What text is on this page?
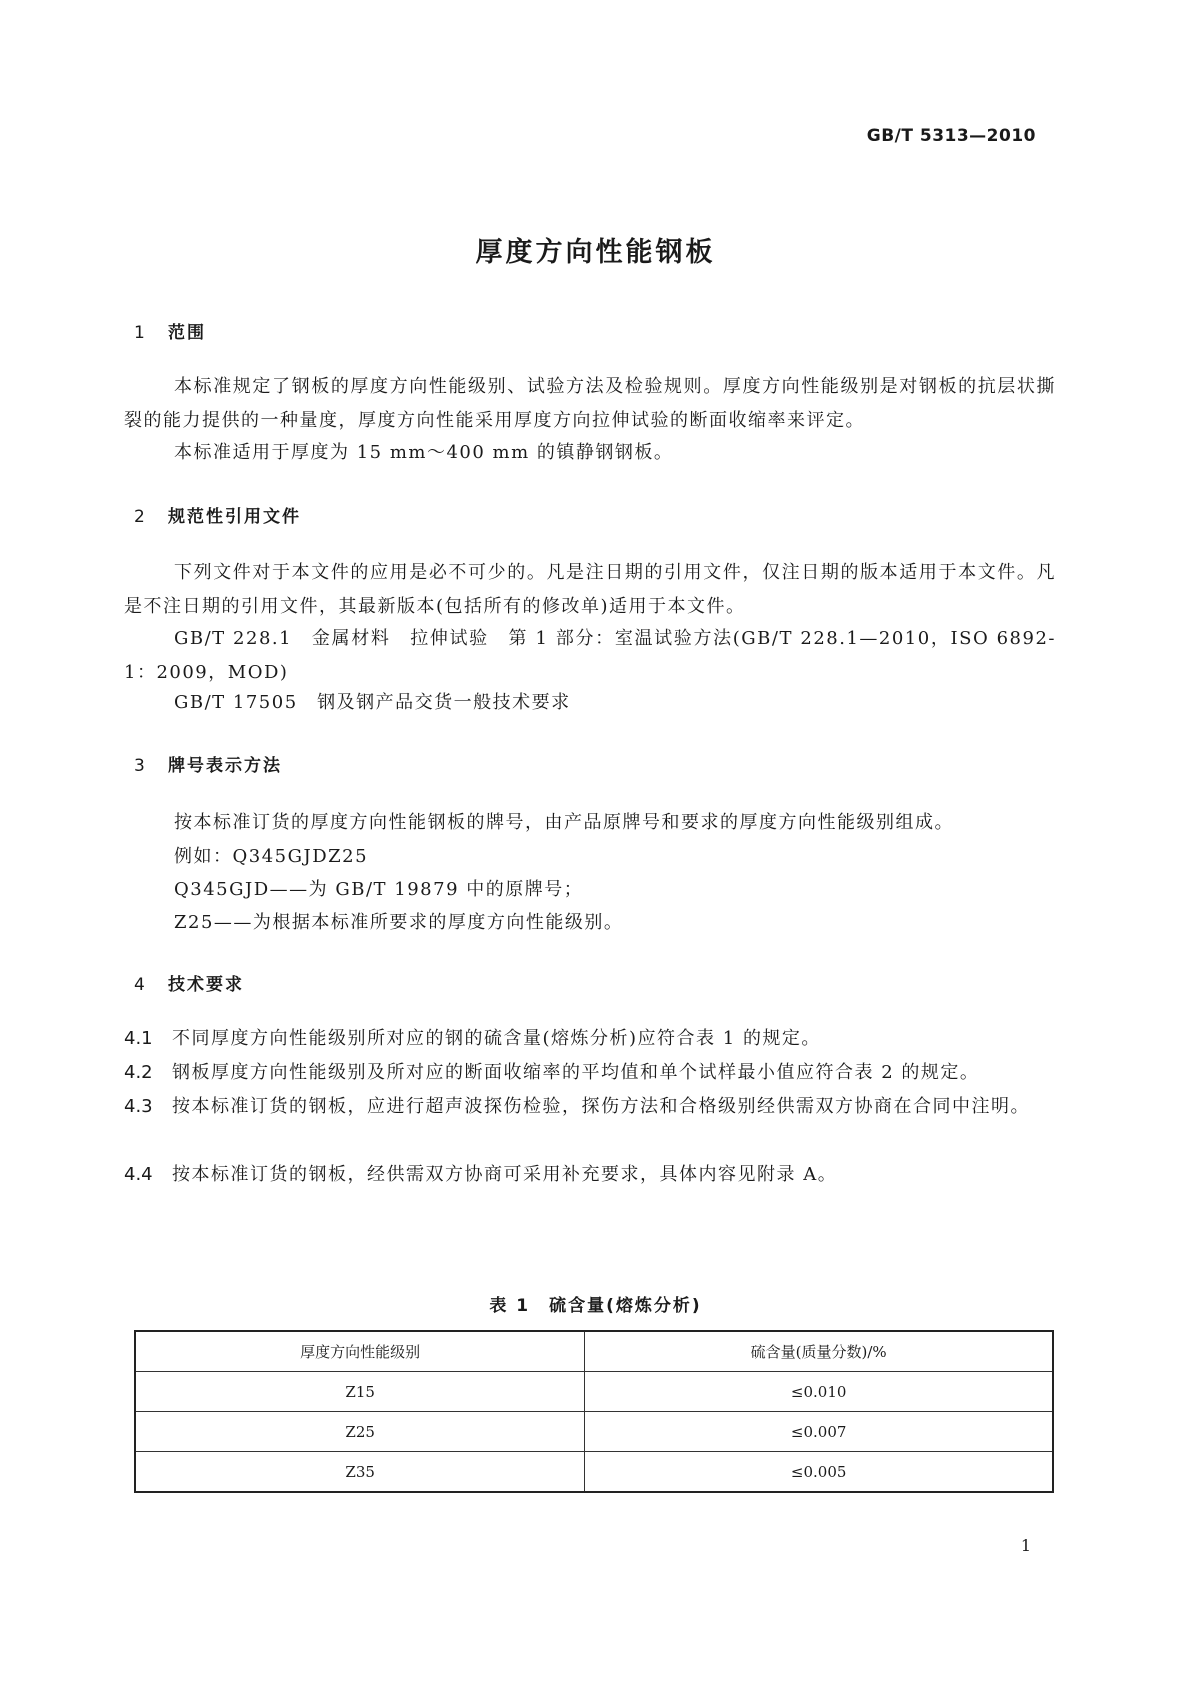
GB/T 5313—2010
厚度方向性能钢板
1 范围
本标准规定了钢板的厚度方向性能级别、试验方法及检验规则。厚度方向性能级别是对钢板的抗层状撕裂的能力提供的一种量度，厚度方向性能采用厚度方向拉伸试验的断面收缩率来评定。
本标准适用于厚度为 15 mm～400 mm 的镇静钢钢板。
2 规范性引用文件
下列文件对于本文件的应用是必不可少的。凡是注日期的引用文件，仅注日期的版本适用于本文件。凡是不注日期的引用文件，其最新版本(包括所有的修改单)适用于本文件。
GB/T 228.1　金属材料　拉伸试验　第 1 部分：室温试验方法(GB/T 228.1—2010，ISO 6892-1：2009，MOD)
GB/T 17505　钢及钢产品交货一般技术要求
3 牌号表示方法
按本标准订货的厚度方向性能钢板的牌号，由产品原牌号和要求的厚度方向性能级别组成。
例如：Q345GJDZ25
Q345GJD——为 GB/T 19879 中的原牌号；
Z25——为根据本标准所要求的厚度方向性能级别。
4 技术要求
4.1 不同厚度方向性能级别所对应的钢的硫含量(熔炼分析)应符合表 1 的规定。
4.2 钢板厚度方向性能级别及所对应的断面收缩率的平均值和单个试样最小值应符合表 2 的规定。
4.3 按本标准订货的钢板，应进行超声波探伤检验，探伤方法和合格级别经供需双方协商在合同中注明。
4.4 按本标准订货的钢板，经供需双方协商可采用补充要求，具体内容见附录 A。
表 1　硫含量(熔炼分析)
厚度方向性能级别	硫含量(质量分数)/%
Z15	≤0.010
Z25	≤0.007
Z35	≤0.005
1
